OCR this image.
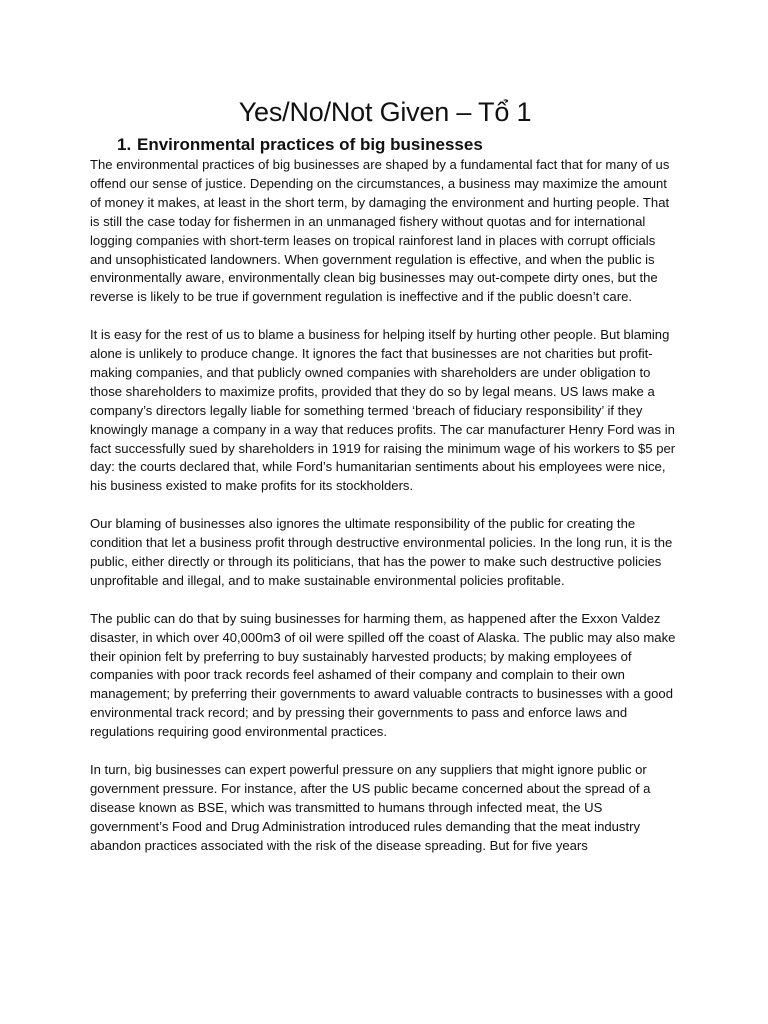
Yes/No/Not Given – Tổ 1
1. Environmental practices of big businesses

The environmental practices of big businesses are shaped by a fundamental fact that for many of us offend our sense of justice. Depending on the circumstances, a business may maximize the amount of money it makes, at least in the short term, by damaging the environment and hurting people. That is still the case today for fishermen in an unmanaged fishery without quotas and for international logging companies with short-term leases on tropical rainforest land in places with corrupt officials and unsophisticated landowners. When government regulation is effective, and when the public is environmentally aware, environmentally clean big businesses may out-compete dirty ones, but the reverse is likely to be true if government regulation is ineffective and if the public doesn’t care.

It is easy for the rest of us to blame a business for helping itself by hurting other people. But blaming alone is unlikely to produce change. It ignores the fact that businesses are not charities but profit-making companies, and that publicly owned companies with shareholders are under obligation to those shareholders to maximize profits, provided that they do so by legal means. US laws make a company’s directors legally liable for something termed ‘breach of fiduciary responsibility’ if they knowingly manage a company in a way that reduces profits. The car manufacturer Henry Ford was in fact successfully sued by shareholders in 1919 for raising the minimum wage of his workers to $5 per day: the courts declared that, while Ford’s humanitarian sentiments about his employees were nice, his business existed to make profits for its stockholders.

Our blaming of businesses also ignores the ultimate responsibility of the public for creating the condition that let a business profit through destructive environmental policies. In the long run, it is the public, either directly or through its politicians, that has the power to make such destructive policies unprofitable and illegal, and to make sustainable environmental policies profitable.

The public can do that by suing businesses for harming them, as happened after the Exxon Valdez disaster, in which over 40,000m3 of oil were spilled off the coast of Alaska. The public may also make their opinion felt by preferring to buy sustainably harvested products; by making employees of companies with poor track records feel ashamed of their company and complain to their own management; by preferring their governments to award valuable contracts to businesses with a good environmental track record; and by pressing their governments to pass and enforce laws and regulations requiring good environmental practices.

In turn, big businesses can expert powerful pressure on any suppliers that might ignore public or government pressure. For instance, after the US public became concerned about the spread of a disease known as BSE, which was transmitted to humans through infected meat, the US government’s Food and Drug Administration introduced rules demanding that the meat industry abandon practices associated with the risk of the disease spreading. But for five years
